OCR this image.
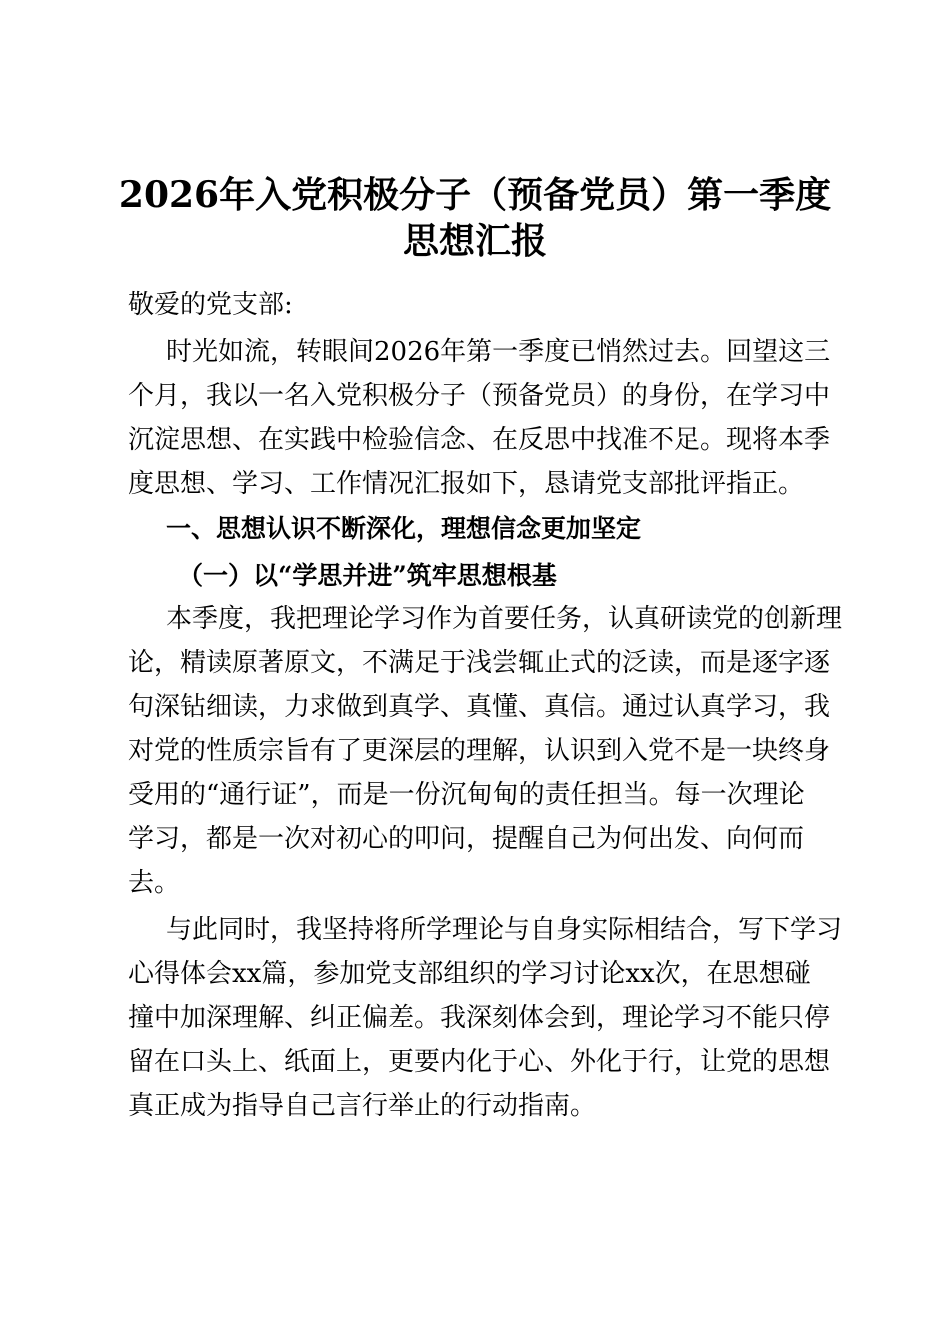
2026年入党积极分子（预备党员）第一季度
思想汇报

敬爱的党支部:

时光如流，转眼间2026年第一季度已悄然过去。回望这三

个月，我以一名入党积极分子（预备党员）的身份，在学习中

沉淀思想、在实践中检验信念、在反思中找准不足。现将本季

度思想、学习、工作情况汇报如下，恳请党支部批评指正。

一、思想认识不断深化，理想信念更加坚定
（一）以“学思并进”筑牢思想根基

本季度，我把理论学习作为首要任务，认真研读党的创新理

论，精读原著原文，不满足于浅尝辄止式的泛读，而是逐字逐

句深钻细读，力求做到真学、真懂、真信。通过认真学习，我

对党的性质宗旨有了更深层的理解，认识到入党不是一块终身

受用的“通行证”，而是一份沉甸甸的责任担当。每一次理论

学习，都是一次对初心的叩问，提醒自己为何出发、向何而

去。

与此同时，我坚持将所学理论与自身实际相结合，写下学习

心得体会xx篇，参加党支部组织的学习讨论xx次，在思想碰

撞中加深理解、纠正偏差。我深刻体会到，理论学习不能只停

留在口头上、纸面上，更要内化于心、外化于行，让党的思想

真正成为指导自己言行举止的行动指南。
